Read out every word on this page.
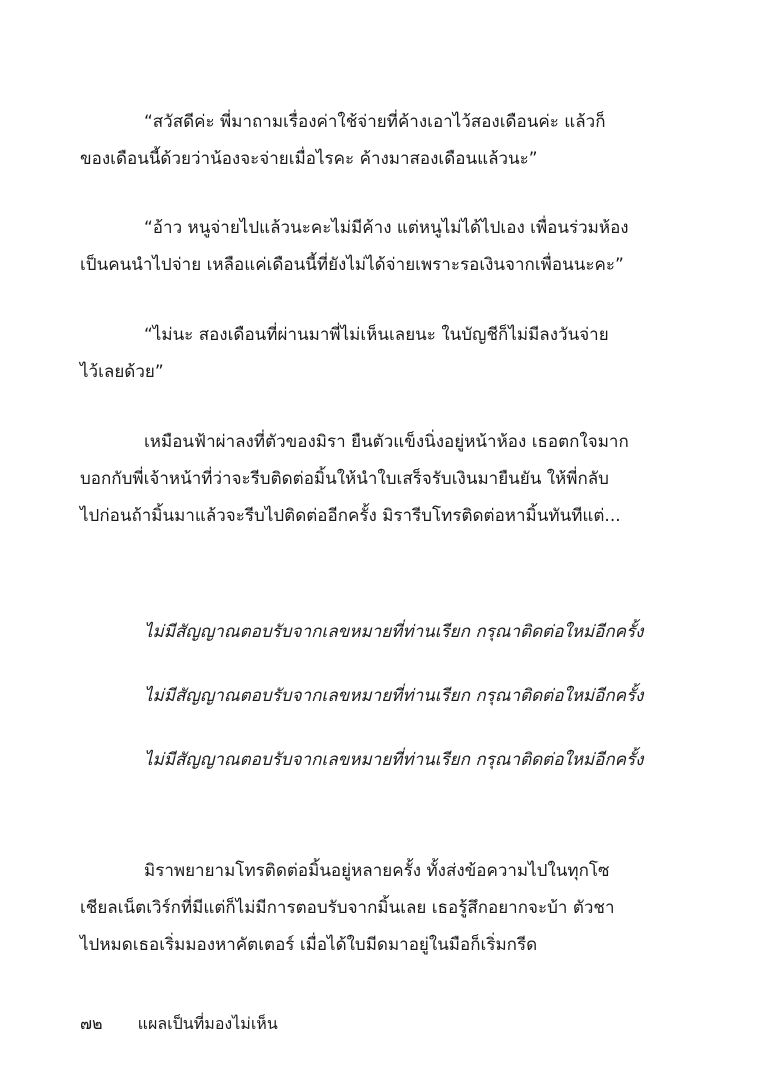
“สวัสดีค่ะ พี่มาถามเรื่องค่าใช้จ่ายที่ค้างเอาไว้สองเดือนค่ะ แล้วก็
ของเดือนนี้ด้วยว่าน้องจะจ่ายเมื่อไรคะ ค้างมาสองเดือนแล้วนะ”
“อ้าว หนูจ่ายไปแล้วนะคะไม่มีค้าง แต่หนูไม่ได้ไปเอง เพื่อนร่วมห้อง
เป็นคนนำไปจ่าย เหลือแค่เดือนนี้ที่ยังไม่ได้จ่ายเพราะรอเงินจากเพื่อนนะคะ”
“ไม่นะ สองเดือนที่ผ่านมาพี่ไม่เห็นเลยนะ ในบัญชีก็ไม่มีลงวันจ่าย
ไว้เลยด้วย”
เหมือนฟ้าผ่าลงที่ตัวของมิรา ยืนตัวแข็งนิ่งอยู่หน้าห้อง เธอตกใจมาก
บอกกับพี่เจ้าหน้าที่ว่าจะรีบติดต่อมิ้นให้นำใบเสร็จรับเงินมายืนยัน ให้พี่กลับ
ไปก่อนถ้ามิ้นมาแล้วจะรีบไปติดต่ออีกครั้ง มิรารีบโทรติดต่อหามิ้นทันทีแต่...
ไม่มีสัญญาณตอบรับจากเลขหมายที่ท่านเรียก กรุณาติดต่อใหม่อีกครั้ง
ไม่มีสัญญาณตอบรับจากเลขหมายที่ท่านเรียก กรุณาติดต่อใหม่อีกครั้ง
ไม่มีสัญญาณตอบรับจากเลขหมายที่ท่านเรียก กรุณาติดต่อใหม่อีกครั้ง
มิราพยายามโทรติดต่อมิ้นอยู่หลายครั้ง ทั้งส่งข้อความไปในทุกโซ
เชียลเน็ตเวิร์กที่มีแต่ก็ไม่มีการตอบรับจากมิ้นเลย เธอรู้สึกอยากจะบ้า ตัวชา
ไปหมดเธอเริ่มมองหาคัตเตอร์ เมื่อได้ใบมีดมาอยู่ในมือก็เริ่มกรีด
๗๒ แผลเป็นที่มองไม่เห็น
